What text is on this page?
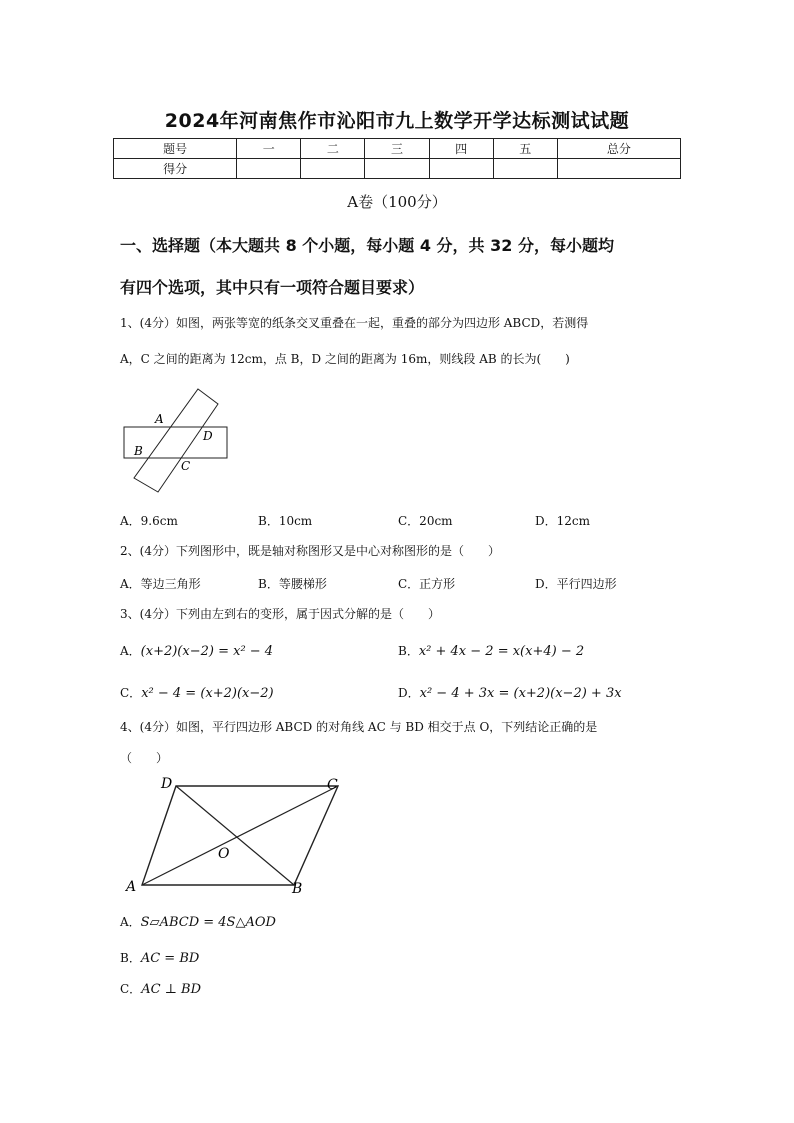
2024年河南焦作市沁阳市九上数学开学达标测试试题
题号	一	二	三	四	五	总分
得分						
A卷（100分）
一、选择题（本大题共 8 个小题，每小题 4 分，共 32 分，每小题均
有四个选项，其中只有一项符合题目要求）
1、(4分）如图，两张等宽的纸条交叉重叠在一起，重叠的部分为四边形 ABCD，若测得
A，C 之间的距离为 12cm，点 B，D 之间的距离为 16m，则线段 AB 的长为(　　)
A
D
B
C
A．9.6cm	B．10cm	C．20cm	D．12cm
2、(4分）下列图形中，既是轴对称图形又是中心对称图形的是（　　）
A．等边三角形	B．等腰梯形	C．正方形	D．平行四边形
3、(4分）下列由左到右的变形，属于因式分解的是（　　）
A．(x+2)(x−2) = x² − 4	B．x² + 4x − 2 = x(x+4) − 2
C．x² − 4 = (x+2)(x−2)	D．x² − 4 + 3x = (x+2)(x−2) + 3x
4、(4分）如图，平行四边形 ABCD 的对角线 AC 与 BD 相交于点 O，下列结论正确的是
（　　）
D	C
A	B
O
A．S▱ABCD = 4S△AOD
B．AC = BD
C．AC ⊥ BD
